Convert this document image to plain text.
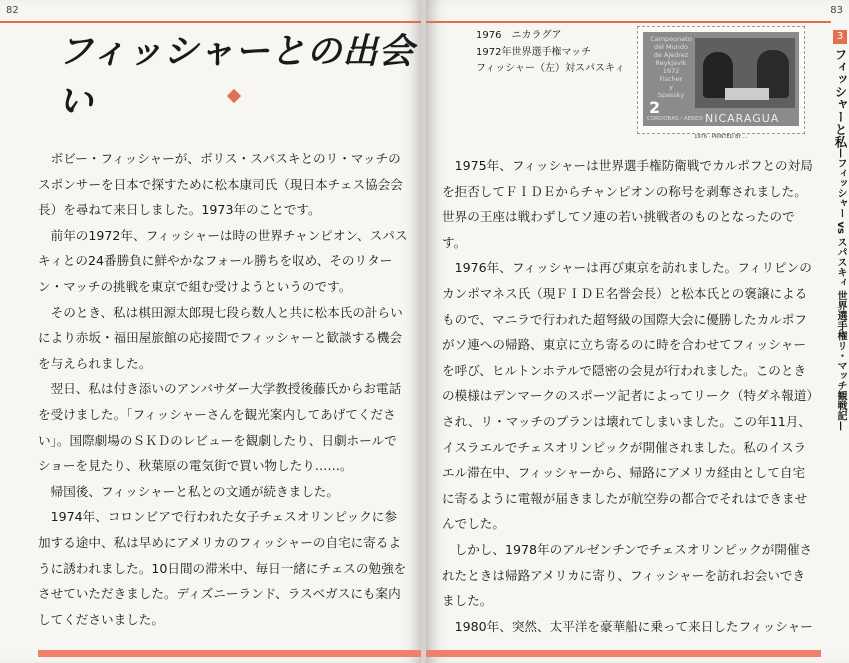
82
フィッシャーとの出会い

ボビー・フィッシャーが、ボリス・スパスキとのリ・マッチのスポンサーを日本で探すために松本康司氏（現日本チェス協会会長）を尋ねて来日しました。1973年のことです。

前年の1972年、フィッシャーは時の世界チャンピオン、スパスキィとの24番勝負に鮮やかなフォール勝ちを収め、そのリターン・マッチの挑戦を東京で組む受けようというのです。

そのとき、私は棋田源太郎現七段ら数人と共に松本氏の計らいにより赤坂・福田屋旅館の応接間でフィッシャーと歓談する機会を与えられました。

翌日、私は付き添いのアンバサダー大学教授後藤氏からお電話を受けました。「フィッシャーさんを観光案内してあげてください」。国際劇場のＳＫＤのレビューを観劇したり、日劇ホールでショーを見たり、秋葉原の電気街で買い物したり……。

帰国後、フィッシャーと私との文通が続きました。

1974年、コロンビアで行われた女子チェスオリンピックに参加する途中、私は早めにアメリカのフィッシャーの自宅に寄るように誘われました。10日間の滞米中、毎日一緒にチェスの勉強をさせていただきました。ディズニーランド、ラスベガスにも案内してくださいました。

83
1976　ニカラグア
1972年世界選手権マッチ
フィッシャー（左）対スパスキィ
Campeonato
del Mundo
de Ajedrez
Reykjavik
1972
Fischer
y
Spassky
2
CORDOBAS / AEREO NICARAGUA
1976 · PRINTED BY ...
3
フィッシャーと私—フィッシャー vs スパスキィ 世界選手権リ・マッチ観戦記—

1975年、フィッシャーは世界選手権防衛戦でカルポフとの対局を拒否してＦＩＤＥからチャンピオンの称号を剥奪されました。世界の王座は戦わずしてソ連の若い挑戦者のものとなったのです。

1976年、フィッシャーは再び東京を訪れました。フィリピンのカンポマネス氏（現ＦＩＤＥ名誉会長）と松本氏との褒譲によるもので、マニラで行われた超弩級の国際大会に優勝したカルポフがソ連への帰路、東京に立ち寄るのに時を合わせてフィッシャーを呼び、ヒルトンホテルで隠密の会見が行われました。このときの模様はデンマークのスポーツ記者によってリーク（特ダネ報道）され、リ・マッチのプランは壊れてしまいました。この年11月、イスラエルでチェスオリンピックが開催されました。私のイスラエル滞在中、フィッシャーから、帰路にアメリカ経由として自宅に寄るように電報が届きましたが航空券の都合でそれはできませんでした。

しかし、1978年のアルゼンチンでチェスオリンピックが開催されたときは帰路アメリカに寄り、フィッシャーを訪れお会いできました。

1980年、突然、太平洋を豪華船に乗って来日したフィッシャー
